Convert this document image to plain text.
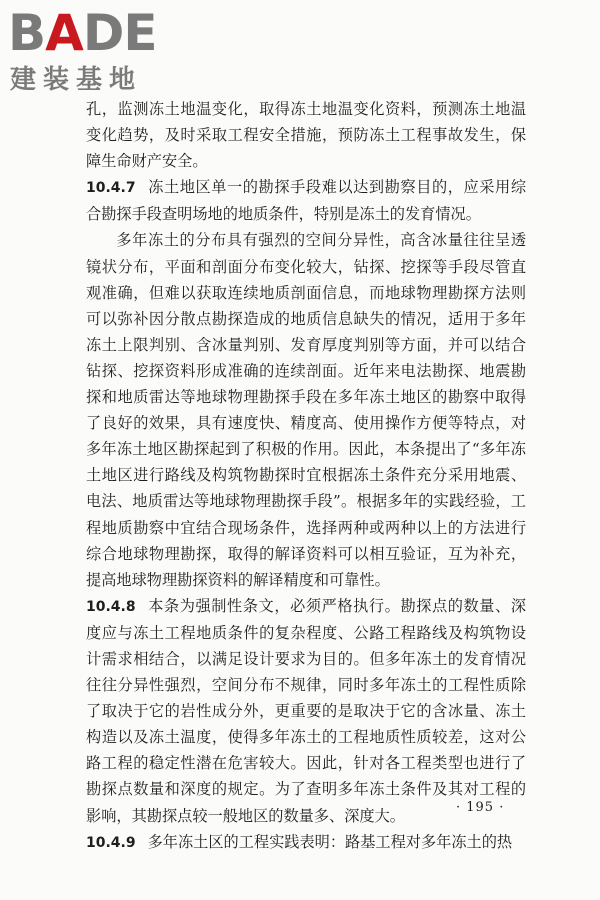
BADE
建装基地

孔，监测冻土地温变化，取得冻土地温变化资料，预测冻土地温变化趋势，及时采取工程安全措施，预防冻土工程事故发生，保障生命财产安全。

10.4.7 冻土地区单一的勘探手段难以达到勘察目的，应采用综合勘探手段查明场地的地质条件，特别是冻土的发育情况。

多年冻土的分布具有强烈的空间分异性，高含冰量往往呈透镜状分布，平面和剖面分布变化较大，钻探、挖探等手段尽管直观准确，但难以获取连续地质剖面信息，而地球物理勘探方法则可以弥补因分散点勘探造成的地质信息缺失的情况，适用于多年冻土上限判别、含冰量判别、发育厚度判别等方面，并可以结合钻探、挖探资料形成准确的连续剖面。近年来电法勘探、地震勘探和地质雷达等地球物理勘探手段在多年冻土地区的勘察中取得了良好的效果，具有速度快、精度高、使用操作方便等特点，对多年冻土地区勘探起到了积极的作用。因此，本条提出了“多年冻土地区进行路线及构筑物勘探时宜根据冻土条件充分采用地震、电法、地质雷达等地球物理勘探手段”。根据多年的实践经验，工程地质勘察中宜结合现场条件，选择两种或两种以上的方法进行综合地球物理勘探，取得的解译资料可以相互验证，互为补充，提高地球物理勘探资料的解译精度和可靠性。

10.4.8 本条为强制性条文，必须严格执行。勘探点的数量、深度应与冻土工程地质条件的复杂程度、公路工程路线及构筑物设计需求相结合，以满足设计要求为目的。但多年冻土的发育情况往往分异性强烈，空间分布不规律，同时多年冻土的工程性质除了取决于它的岩性成分外，更重要的是取决于它的含冰量、冻土构造以及冻土温度，使得多年冻土的工程地质性质较差，这对公路工程的稳定性潜在危害较大。因此，针对各工程类型也进行了勘探点数量和深度的规定。为了查明多年冻土条件及其对工程的影响，其勘探点较一般地区的数量多、深度大。

10.4.9 多年冻土区的工程实践表明：路基工程对多年冻土的热

· 195 ·
